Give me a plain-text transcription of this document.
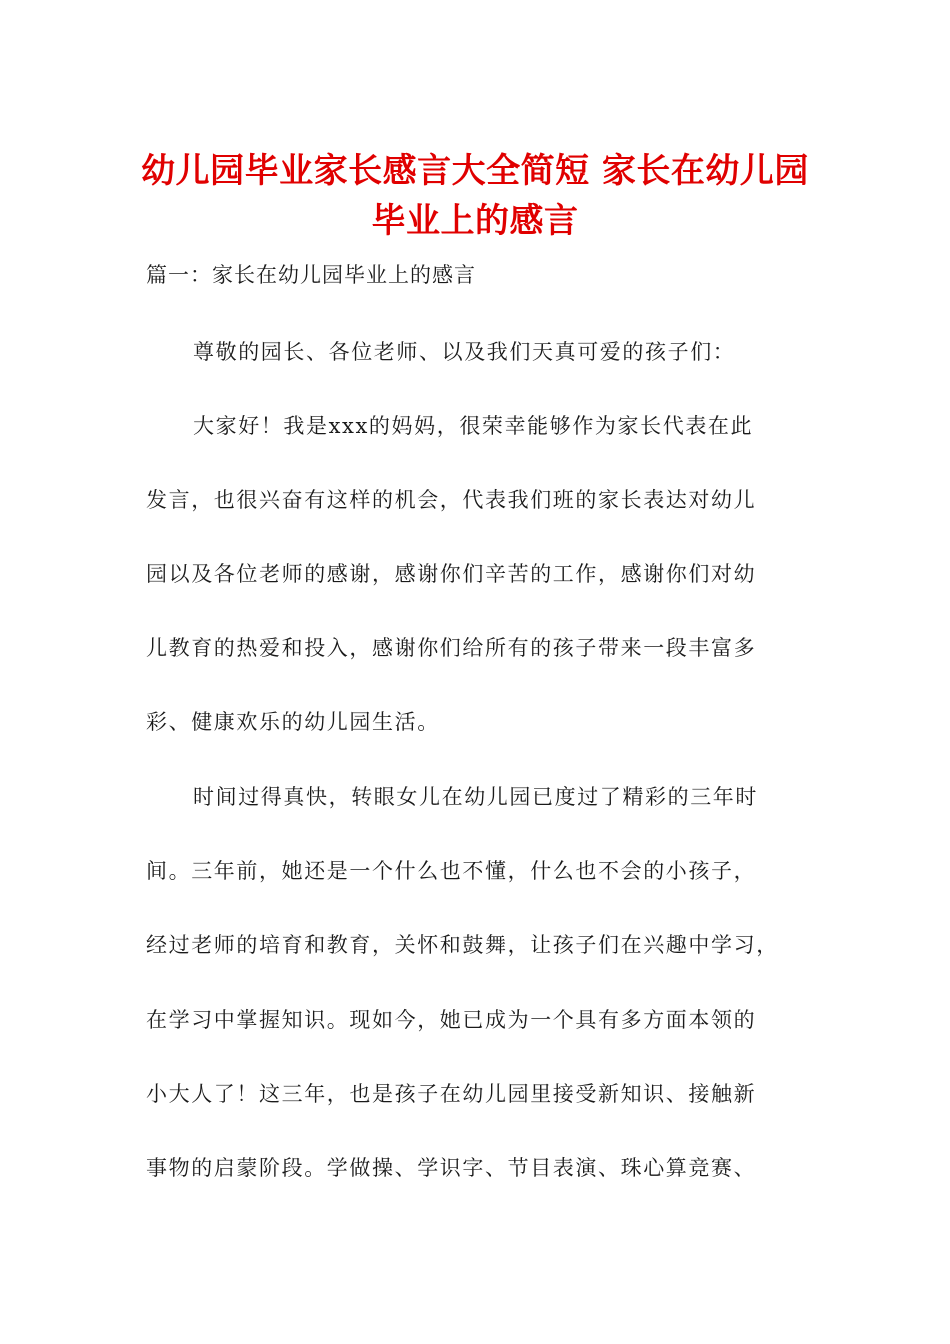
幼儿园毕业家长感言大全简短 家长在幼儿园
毕业上的感言
篇一：家长在幼儿园毕业上的感言
尊敬的园长、各位老师、以及我们天真可爱的孩子们：
大家好！我是xxx的妈妈，很荣幸能够作为家长代表在此
发言，也很兴奋有这样的机会，代表我们班的家长表达对幼儿
园以及各位老师的感谢，感谢你们辛苦的工作，感谢你们对幼
儿教育的热爱和投入，感谢你们给所有的孩子带来一段丰富多
彩、健康欢乐的幼儿园生活。
时间过得真快，转眼女儿在幼儿园已度过了精彩的三年时
间。三年前，她还是一个什么也不懂，什么也不会的小孩子，
经过老师的培育和教育，关怀和鼓舞，让孩子们在兴趣中学习，
在学习中掌握知识。现如今，她已成为一个具有多方面本领的
小大人了！这三年，也是孩子在幼儿园里接受新知识、接触新
事物的启蒙阶段。学做操、学识字、节目表演、珠心算竞赛、
